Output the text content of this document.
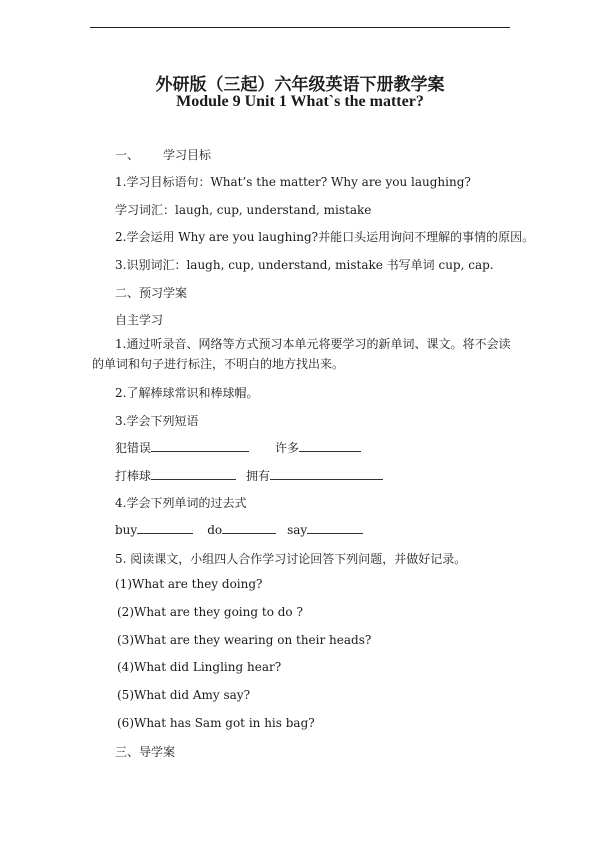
外研版（三起）六年级英语下册教学案
Module 9 Unit 1 What`s the matter?
一、 学习目标
1.学习目标语句：What’s the matter? Why are you laughing?
学习词汇：laugh, cup, understand, mistake
2.学会运用 Why are you laughing?并能口头运用询问不理解的事情的原因。
3.识别词汇：laugh, cup, understand, mistake 书写单词 cup, cap.
二、预习学案
自主学习
1.通过听录音、网络等方式预习本单元将要学习的新单词、课文。将不会读的单词和句子进行标注，不明白的地方找出来。
2.了解棒球常识和棒球帽。
3.学会下列短语
犯错误	许多
打棒球	拥有
4.学会下列单词的过去式
buy	do	say
5. 阅读课文，小组四人合作学习讨论回答下列问题，并做好记录。
(1)What are they doing?
(2)What are they going to do ?
(3)What are they wearing on their heads?
(4)What did Lingling hear?
(5)What did Amy say?
(6)What has Sam got in his bag?
三、导学案
